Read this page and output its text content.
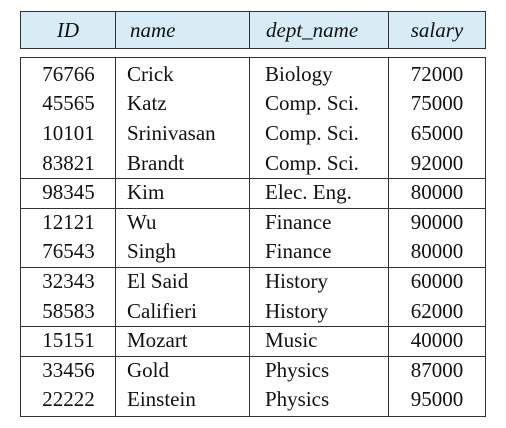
ID	name	dept_name	salary
76766	Crick	Biology	72000
45565	Katz	Comp. Sci.	75000
10101	Srinivasan	Comp. Sci.	65000
83821	Brandt	Comp. Sci.	92000
98345	Kim	Elec. Eng.	80000
12121	Wu	Finance	90000
76543	Singh	Finance	80000
32343	El Said	History	60000
58583	Califieri	History	62000
15151	Mozart	Music	40000
33456	Gold	Physics	87000
22222	Einstein	Physics	95000
